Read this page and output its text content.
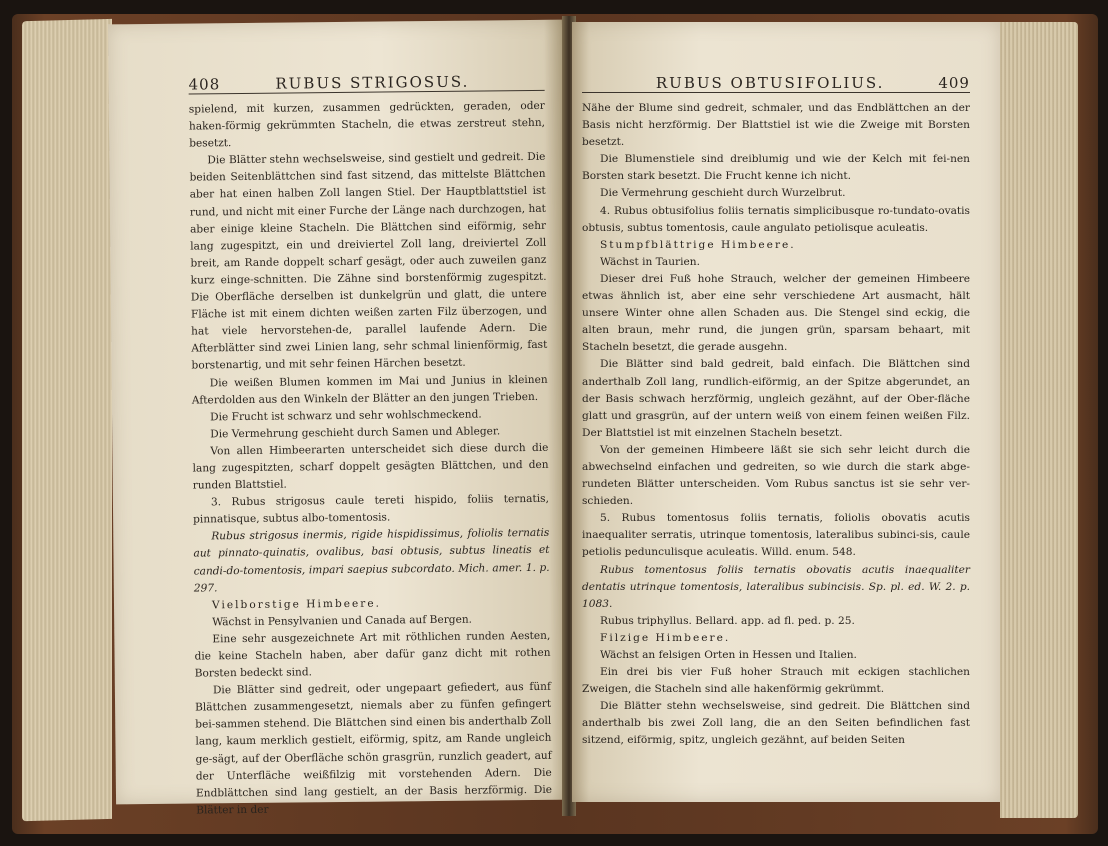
408	RUBUS STRIGOSUS.

spielend, mit kurzen, zusammen gedrückten, geraden, oder haken-förmig gekrümmten Stacheln, die etwas zerstreut stehn, besetzt.

Die Blätter stehn wechselsweise, sind gestielt und gedreit. Die beiden Seitenblättchen sind fast sitzend, das mittelste Blättchen aber hat einen halben Zoll langen Stiel. Der Hauptblattstiel ist rund, und nicht mit einer Furche der Länge nach durchzogen, hat aber einige kleine Stacheln. Die Blättchen sind eiförmig, sehr lang zugespitzt, ein und dreiviertel Zoll lang, dreiviertel Zoll breit, am Rande doppelt scharf gesägt, oder auch zuweilen ganz kurz einge-schnitten. Die Zähne sind borstenförmig zugespitzt. Die Oberfläche derselben ist dunkelgrün und glatt, die untere Fläche ist mit einem dichten weißen zarten Filz überzogen, und hat viele hervorstehen-de, parallel laufende Adern. Die Afterblätter sind zwei Linien lang, sehr schmal linienförmig, fast borstenartig, und mit sehr feinen Härchen besetzt.

Die weißen Blumen kommen im Mai und Junius in kleinen Afterdolden aus den Winkeln der Blätter an den jungen Trieben.

Die Frucht ist schwarz und sehr wohlschmeckend.

Die Vermehrung geschieht durch Samen und Ableger.

Von allen Himbeerarten unterscheidet sich diese durch die lang zugespitzten, scharf doppelt gesägten Blättchen, und den runden Blattstiel.

3. Rubus strigosus caule tereti hispido, foliis ternatis, pinnatisque, subtus albo-tomentosis.

Rubus strigosus inermis, rigide hispidissimus, foliolis ternatis aut pinnato-quinatis, ovalibus, basi obtusis, subtus lineatis et candi-do-tomentosis, impari saepius subcordato. Mich. amer. 1. p. 297.

Vielborstige Himbeere.

Wächst in Pensylvanien und Canada auf Bergen.

Eine sehr ausgezeichnete Art mit röthlichen runden Aesten, die keine Stacheln haben, aber dafür ganz dicht mit rothen Borsten bedeckt sind.

Die Blätter sind gedreit, oder ungepaart gefiedert, aus fünf Blättchen zusammengesetzt, niemals aber zu fünfen gefingert bei-sammen stehend. Die Blättchen sind einen bis anderthalb Zoll lang, kaum merklich gestielt, eiförmig, spitz, am Rande ungleich ge-sägt, auf der Oberfläche schön grasgrün, runzlich geadert, auf der Unterfläche weißfilzig mit vorstehenden Adern. Die Endblättchen sind lang gestielt, an der Basis herzförmig. Die Blätter in der

RUBUS OBTUSIFOLIUS.	409

Nähe der Blume sind gedreit, schmaler, und das Endblättchen an der Basis nicht herzförmig. Der Blattstiel ist wie die Zweige mit Borsten besetzt.

Die Blumenstiele sind dreiblumig und wie der Kelch mit fei-nen Borsten stark besetzt. Die Frucht kenne ich nicht.

Die Vermehrung geschieht durch Wurzelbrut.

4. Rubus obtusifolius foliis ternatis simplicibusque ro-tundato-ovatis obtusis, subtus tomentosis, caule angulato petiolisque aculeatis.

Stumpfblättrige Himbeere.

Wächst in Taurien.

Dieser drei Fuß hohe Strauch, welcher der gemeinen Himbeere etwas ähnlich ist, aber eine sehr verschiedene Art ausmacht, hält unsere Winter ohne allen Schaden aus. Die Stengel sind eckig, die alten braun, mehr rund, die jungen grün, sparsam behaart, mit Stacheln besetzt, die gerade ausgehn.

Die Blätter sind bald gedreit, bald einfach. Die Blättchen sind anderthalb Zoll lang, rundlich-eiförmig, an der Spitze abgerundet, an der Basis schwach herzförmig, ungleich gezähnt, auf der Ober-fläche glatt und grasgrün, auf der untern weiß von einem feinen weißen Filz. Der Blattstiel ist mit einzelnen Stacheln besetzt.

Von der gemeinen Himbeere läßt sie sich sehr leicht durch die abwechselnd einfachen und gedreiten, so wie durch die stark abge-rundeten Blätter unterscheiden. Vom Rubus sanctus ist sie sehr ver-schieden.

5. Rubus tomentosus foliis ternatis, foliolis obovatis acutis inaequaliter serratis, utrinque tomentosis, lateralibus subinci-sis, caule petiolis pedunculisque aculeatis. Willd. enum. 548.

Rubus tomentosus foliis ternatis obovatis acutis inaequaliter dentatis utrinque tomentosis, lateralibus subincisis. Sp. pl. ed. W. 2. p. 1083.

Rubus triphyllus. Bellard. app. ad fl. ped. p. 25.

Filzige Himbeere.

Wächst an felsigen Orten in Hessen und Italien.

Ein drei bis vier Fuß hoher Strauch mit eckigen stachlichen Zweigen, die Stacheln sind alle hakenförmig gekrümmt.

Die Blätter stehn wechselsweise, sind gedreit. Die Blättchen sind anderthalb bis zwei Zoll lang, die an den Seiten befindlichen fast sitzend, eiförmig, spitz, ungleich gezähnt, auf beiden Seiten
